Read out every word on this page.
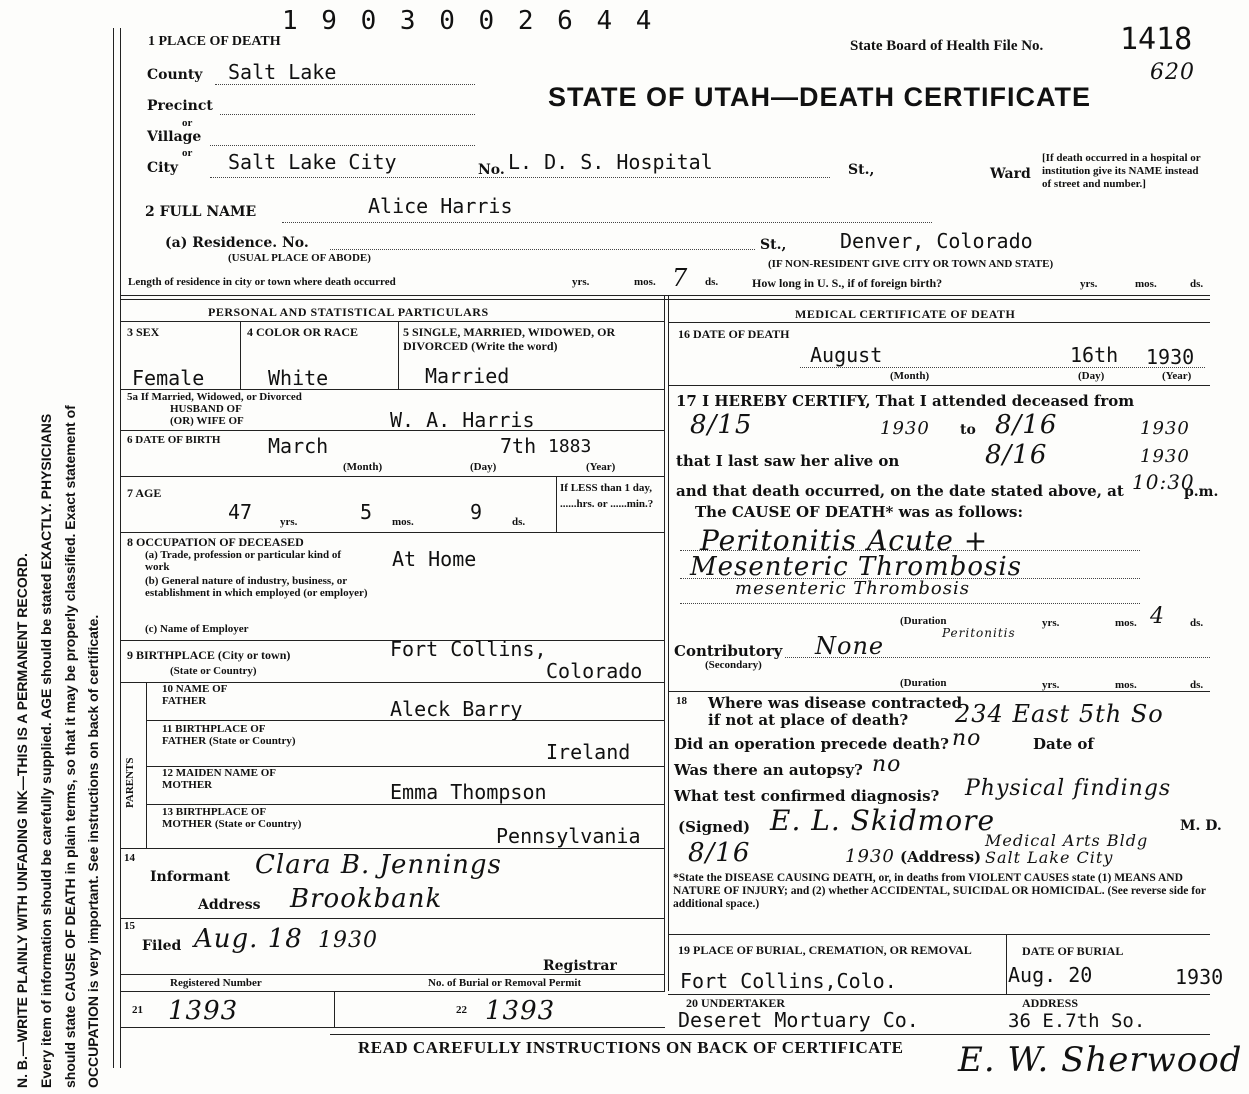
N. B.—WRITE PLAINLY WITH UNFADING INK—THIS IS A PERMANENT RECORD. Every item of information should be carefully supplied. AGE should be stated EXACTLY. PHYSICIANS should state CAUSE OF DEATH in plain terms, so that it may be properly classified. Exact statement of OCCUPATION is very important. See instructions on back of certificate.
1 9 0 3 0 0 2 6 4 4
1 PLACE OF DEATH	State Board of Health File No.	1418
620
STATE OF UTAH—DEATH CERTIFICATE
County Salt Lake
Precinct
or
Village
or
City Salt Lake City	No. L. D. S. Hospital	St.,	Ward
[If death occurred in a hospital or institution give its NAME instead of street and number.]
2 FULL NAME	Alice Harris
(a) Residence. No.
(USUAL PLACE OF ABODE)
St.,	Denver, Colorado
(IF NON-RESIDENT GIVE CITY OR TOWN AND STATE)
Length of residence in city or town where death occurred	yrs.	mos. 7 ds.	How long in U. S., if of foreign birth?	yrs.	mos.	ds.
PERSONAL AND STATISTICAL PARTICULARS
3 SEX	4 COLOR OR RACE	5 SINGLE, MARRIED, WIDOWED, OR DIVORCED (Write the word)
Female	White	Married
5a If Married, Widowed, or Divorced
HUSBAND OF
(OR) WIFE OF	W. A. Harris
6 DATE OF BIRTH March	7th 1883
(Month)	(Day)	(Year)
7 AGE
47	yrs.	5 mos.	9	ds.
If LESS than 1 day, ......hrs. or ......min.?
8 OCCUPATION OF DECEASED
(a) Trade, profession or particular kind of work	At Home
(b) General nature of industry, business, or establishment in which employed (or employer)
(c) Name of Employer
9 BIRTHPLACE (City or town)	Fort Collins,
(State or Country)	Colorado
PARENTS
10 NAME OF FATHER	Aleck Barry
11 BIRTHPLACE OF FATHER (State or Country)	Ireland
12 MAIDEN NAME OF MOTHER	Emma Thompson
13 BIRTHPLACE OF MOTHER (State or Country)	Pennsylvania
14
Informant Clara B. Jennings
Address Brookbank
15
Filed Aug. 18 1930
Registrar
Registered Number	No. of Burial or Removal Permit
21 1393	22 1393
MEDICAL CERTIFICATE OF DEATH
16 DATE OF DEATH
August	16th 1930
(Month)	(Day)	(Year)
17 I HEREBY CERTIFY, That I attended deceased from
8/15	1930 to 8/16	1930
that I last saw her alive on	8/16	1930
and that death occurred, on the date stated above, at 10:30
p.m.
The CAUSE OF DEATH* was as follows:
Peritonitis Acute +
Mesenteric Thrombosis
mesenteric Thrombosis
(Duration	yrs.	mos. 4 ds.
Peritonitis
Contributory
(Secondary)
None
(Duration	yrs.	mos.	ds.
18 Where was disease contracted if not at place of death?	234 East 5th So
Did an operation precede death? no	Date of
Was there an autopsy? no
What test confirmed diagnosis? Physical findings
(Signed) E. L. Skidmore	M. D.
8/16	1930 (Address)
Medical Arts Bldg Salt Lake City
*State the DISEASE CAUSING DEATH, or, in deaths from VIOLENT CAUSES state (1) MEANS AND NATURE OF INJURY; and (2) whether ACCIDENTAL, SUICIDAL OR HOMICIDAL. (See reverse side for additional space.)
19 PLACE OF BURIAL, CREMATION, OR REMOVAL
Fort Collins,Colo.
DATE OF BURIAL
Aug. 20	1930
20 UNDERTAKER	ADDRESS
Deseret Mortuary Co.	36 E.7th So.
READ CAREFULLY INSTRUCTIONS ON BACK OF CERTIFICATE E. W. Sherwood
